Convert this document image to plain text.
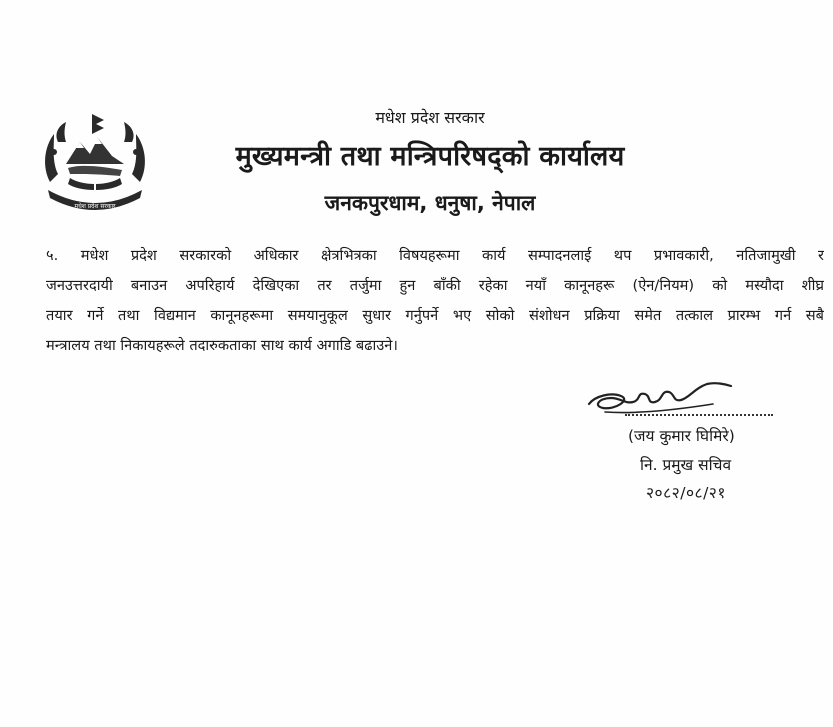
मधेश प्रदेश सरकार
मधेश प्रदेश सरकार
मुख्यमन्त्री तथा मन्त्रिपरिषद्को कार्यालय
जनकपुरधाम, धनुषा, नेपाल
५. मधेश प्रदेश सरकारको अधिकार क्षेत्रभित्रका विषयहरूमा कार्य सम्पादनलाई थप प्रभावकारी, नतिजामुखी र
जनउत्तरदायी बनाउन अपरिहार्य देखिएका तर तर्जुमा हुन बाँकी रहेका नयाँ कानूनहरू (ऐन/नियम) को मस्यौदा शीघ्र
तयार गर्ने तथा विद्यमान कानूनहरूमा समयानुकूल सुधार गर्नुपर्ने भए सोको संशोधन प्रक्रिया समेत तत्काल प्रारम्भ गर्न सबै
मन्त्रालय तथा निकायहरूले तदारुकताका साथ कार्य अगाडि बढाउने।
(जय कुमार घिमिरे)
नि. प्रमुख सचिव
२०८२/०८/२१
